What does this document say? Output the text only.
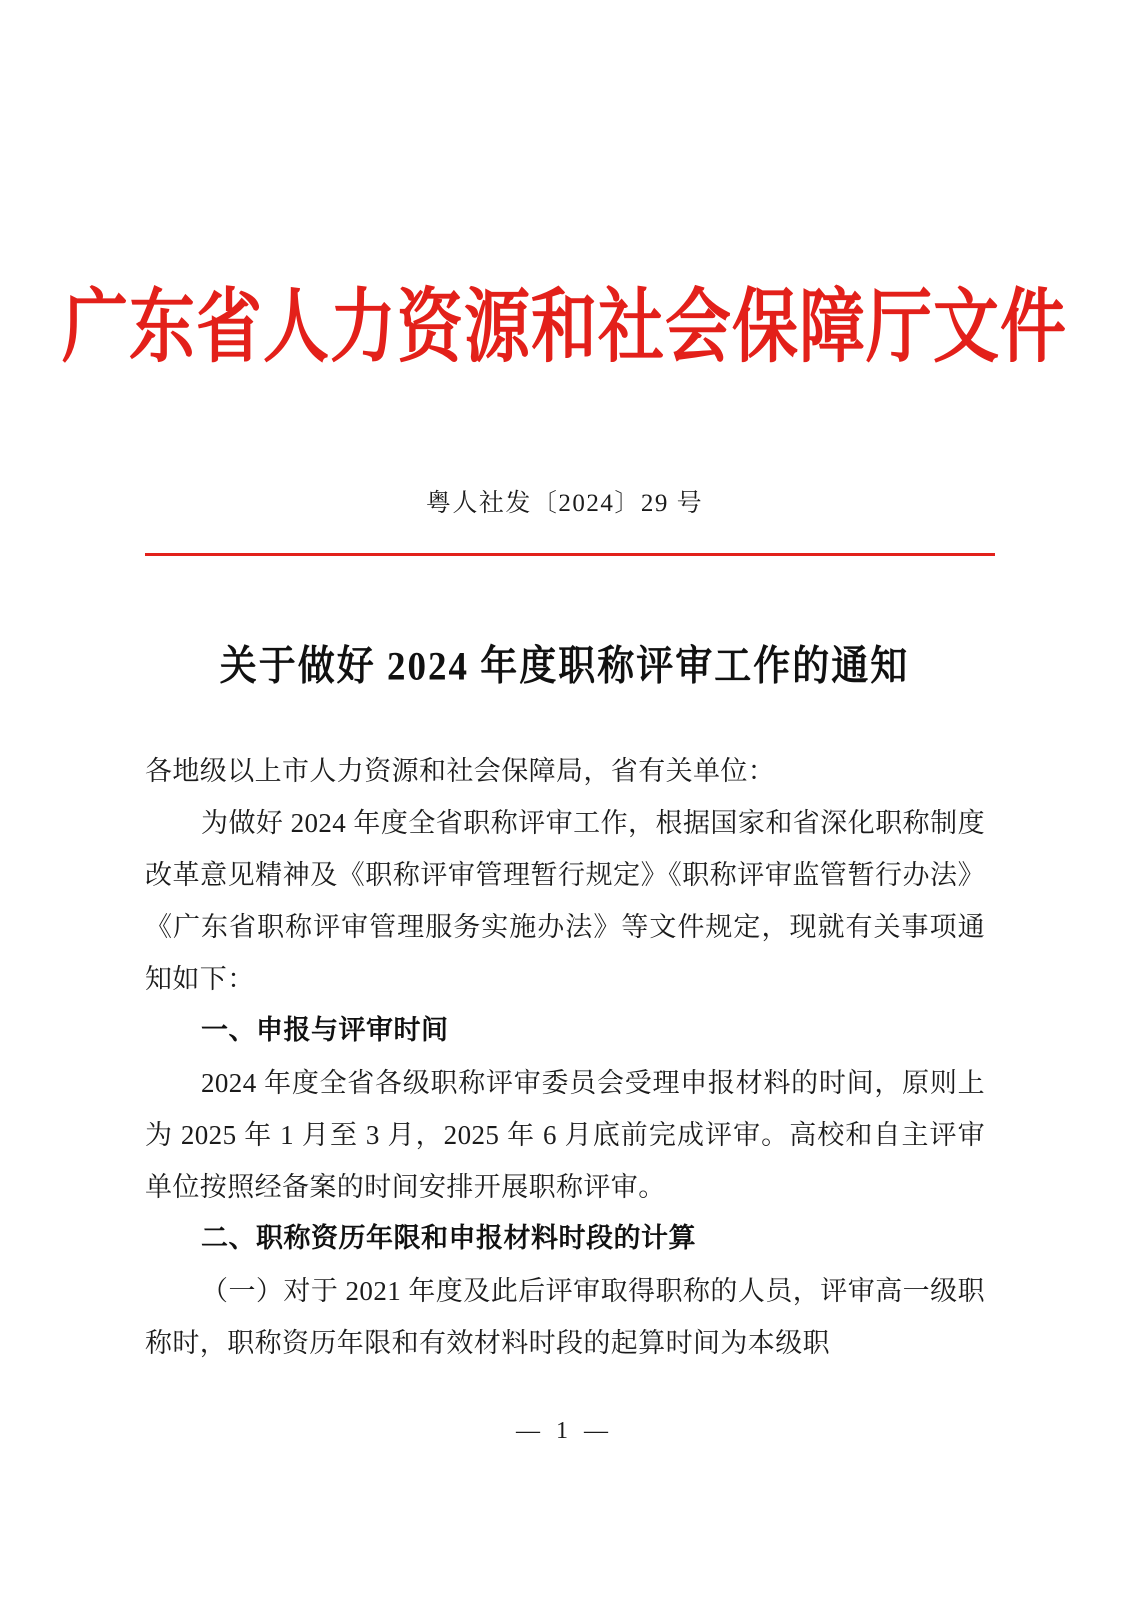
广东省人力资源和社会保障厅文件
粤人社发〔2024〕29 号
关于做好 2024 年度职称评审工作的通知

各地级以上市人力资源和社会保障局，省有关单位：

为做好 2024 年度全省职称评审工作，根据国家和省深化职称制度改革意见精神及《职称评审管理暂行规定》《职称评审监管暂行办法》《广东省职称评审管理服务实施办法》等文件规定，现就有关事项通知如下：

一、申报与评审时间

2024 年度全省各级职称评审委员会受理申报材料的时间，原则上为 2025 年 1 月至 3 月，2025 年 6 月底前完成评审。高校和自主评审单位按照经备案的时间安排开展职称评审。

二、职称资历年限和申报材料时段的计算

（一）对于 2021 年度及此后评审取得职称的人员，评审高一级职称时，职称资历年限和有效材料时段的起算时间为本级职

— 1 —
